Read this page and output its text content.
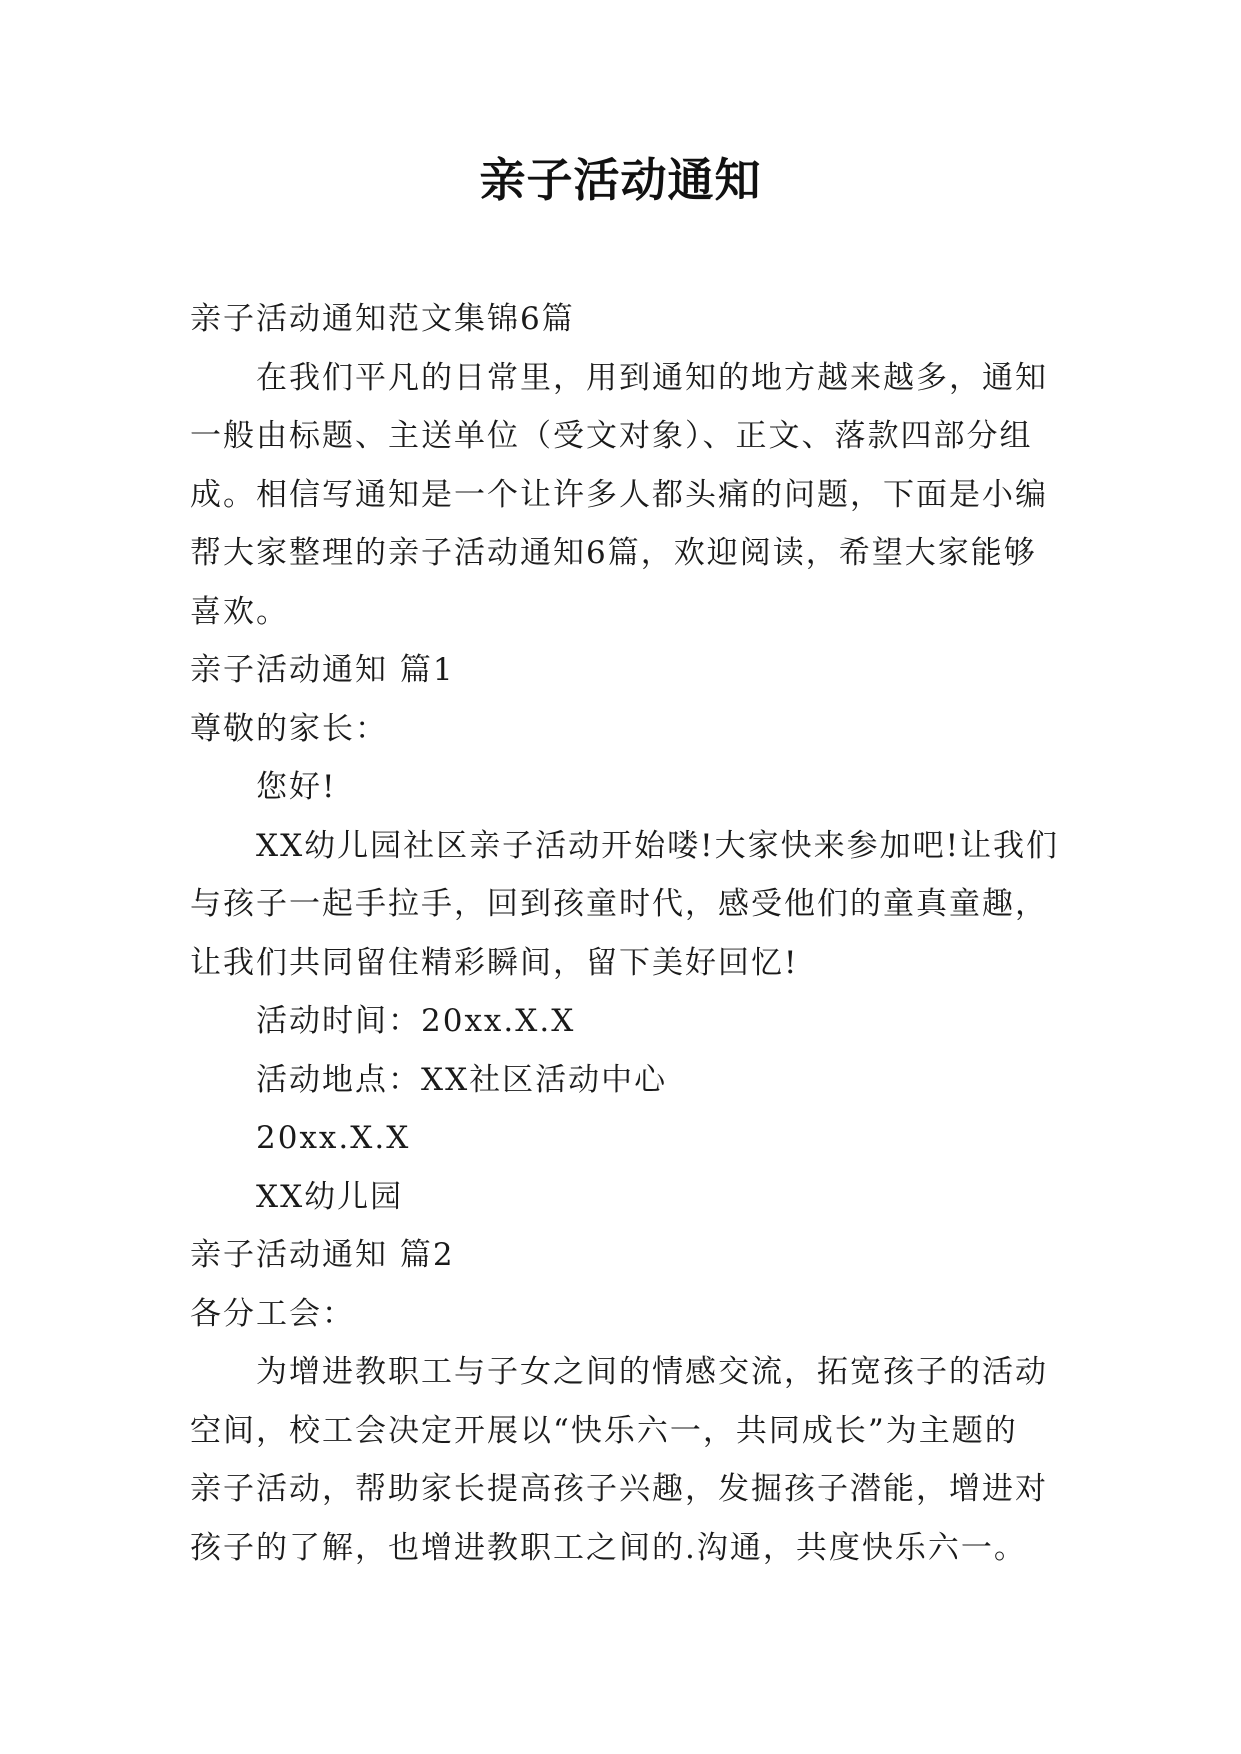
亲子活动通知
亲子活动通知范文集锦6篇
在我们平凡的日常里，用到通知的地方越来越多，通知
一般由标题、主送单位（受文对象）、正文、落款四部分组
成。相信写通知是一个让许多人都头痛的问题，下面是小编
帮大家整理的亲子活动通知6篇，欢迎阅读，希望大家能够
喜欢。
亲子活动通知 篇1
尊敬的家长：
您好!
XX幼儿园社区亲子活动开始喽!大家快来参加吧!让我们
与孩子一起手拉手，回到孩童时代，感受他们的童真童趣，
让我们共同留住精彩瞬间，留下美好回忆!
活动时间：20xx.X.X
活动地点：XX社区活动中心
20xx.X.X
XX幼儿园
亲子活动通知 篇2
各分工会：
为增进教职工与子女之间的情感交流，拓宽孩子的活动
空间，校工会决定开展以“快乐六一，共同成长”为主题的
亲子活动，帮助家长提高孩子兴趣，发掘孩子潜能，增进对
孩子的了解，也增进教职工之间的.沟通，共度快乐六一。
